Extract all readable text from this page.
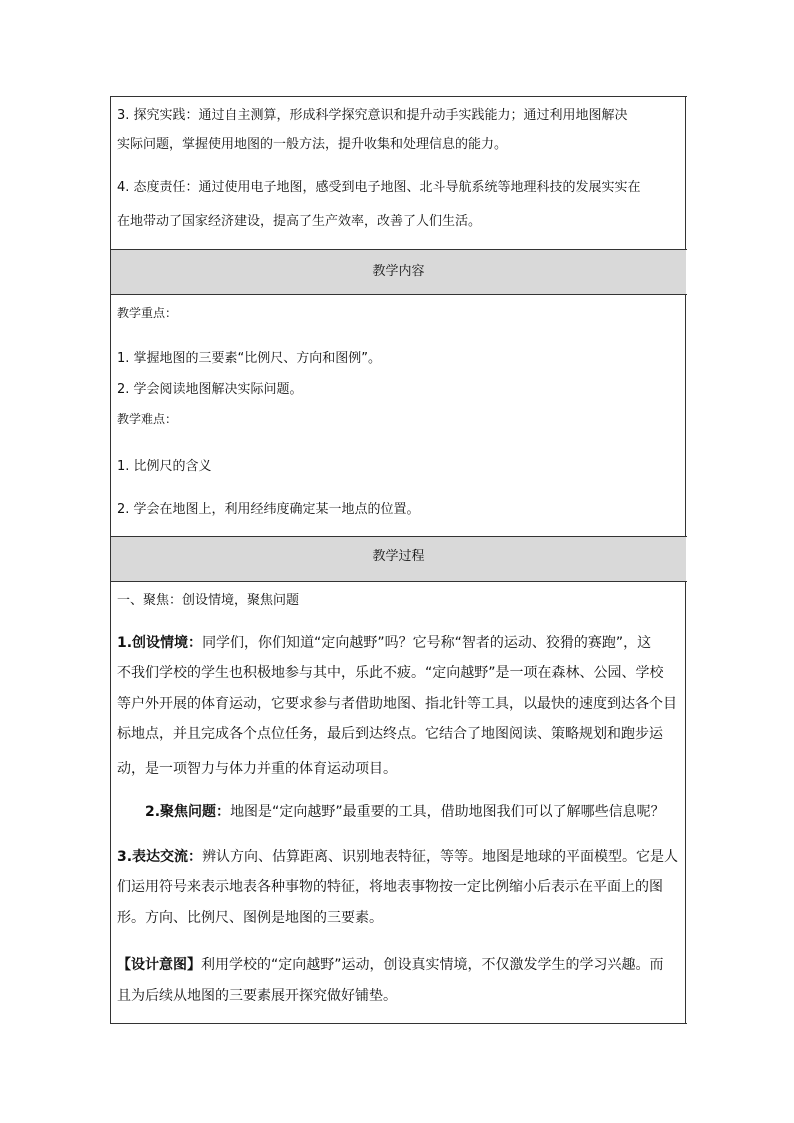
3. 探究实践：通过自主测算，形成科学探究意识和提升动手实践能力；通过利用地图解决
实际问题，掌握使用地图的一般方法，提升收集和处理信息的能力。
4. 态度责任：通过使用电子地图，感受到电子地图、北斗导航系统等地理科技的发展实实在
在地带动了国家经济建设，提高了生产效率，改善了人们生活。
教学内容
教学重点：
1. 掌握地图的三要素“比例尺、方向和图例”。
2. 学会阅读地图解决实际问题。
教学难点：
1. 比例尺的含义
2. 学会在地图上，利用经纬度确定某一地点的位置。
教学过程
一、聚焦：创设情境，聚焦问题
1.创设情境：同学们，你们知道“定向越野”吗？它号称“智者的运动、狡猾的赛跑”，这
不我们学校的学生也积极地参与其中，乐此不疲。“定向越野”是一项在森林、公园、学校
等户外开展的体育运动，它要求参与者借助地图、指北针等工具，以最快的速度到达各个目
标地点，并且完成各个点位任务，最后到达终点。它结合了地图阅读、策略规划和跑步运
动，是一项智力与体力并重的体育运动项目。
2.聚焦问题：地图是“定向越野”最重要的工具，借助地图我们可以了解哪些信息呢？
3.表达交流：辨认方向、估算距离、识别地表特征，等等。地图是地球的平面模型。它是人
们运用符号来表示地表各种事物的特征，将地表事物按一定比例缩小后表示在平面上的图
形。方向、比例尺、图例是地图的三要素。
【设计意图】利用学校的“定向越野”运动，创设真实情境，不仅激发学生的学习兴趣。而
且为后续从地图的三要素展开探究做好铺垫。
